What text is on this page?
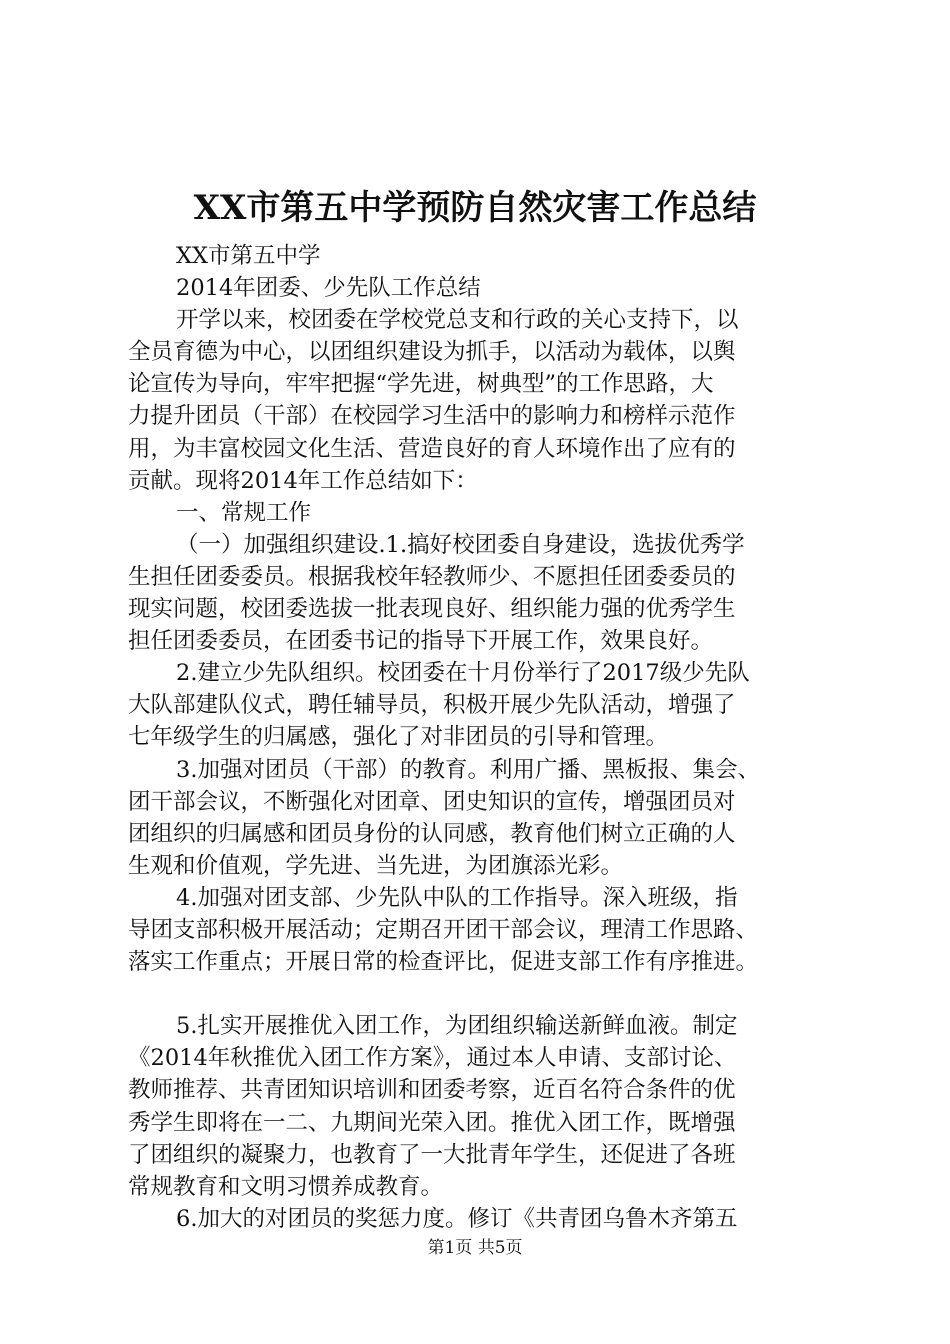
XX市第五中学预防自然灾害工作总结
XX市第五中学
2014年团委、少先队工作总结
开学以来，校团委在学校党总支和行政的关心支持下，以
全员育德为中心，以团组织建设为抓手，以活动为载体，以舆
论宣传为导向，牢牢把握“学先进，树典型”的工作思路，大
力提升团员（干部）在校园学习生活中的影响力和榜样示范作
用，为丰富校园文化生活、营造良好的育人环境作出了应有的
贡献。现将2014年工作总结如下：
一、常规工作
（一）加强组织建设.1.搞好校团委自身建设，选拔优秀学
生担任团委委员。根据我校年轻教师少、不愿担任团委委员的
现实问题，校团委选拔一批表现良好、组织能力强的优秀学生
担任团委委员，在团委书记的指导下开展工作，效果良好。
2.建立少先队组织。校团委在十月份举行了2017级少先队
大队部建队仪式，聘任辅导员，积极开展少先队活动，增强了
七年级学生的归属感，强化了对非团员的引导和管理。
3.加强对团员（干部）的教育。利用广播、黑板报、集会、
团干部会议，不断强化对团章、团史知识的宣传，增强团员对
团组织的归属感和团员身份的认同感，教育他们树立正确的人
生观和价值观，学先进、当先进，为团旗添光彩。
4.加强对团支部、少先队中队的工作指导。深入班级，指
导团支部积极开展活动；定期召开团干部会议，理清工作思路、
落实工作重点；开展日常的检查评比，促进支部工作有序推进。
5.扎实开展推优入团工作，为团组织输送新鲜血液。制定
《2014年秋推优入团工作方案》，通过本人申请、支部讨论、
教师推荐、共青团知识培训和团委考察，近百名符合条件的优
秀学生即将在一二、九期间光荣入团。推优入团工作，既增强
了团组织的凝聚力，也教育了一大批青年学生，还促进了各班
常规教育和文明习惯养成教育。
6.加大的对团员的奖惩力度。修订《共青团乌鲁木齐第五
第1页 共5页
